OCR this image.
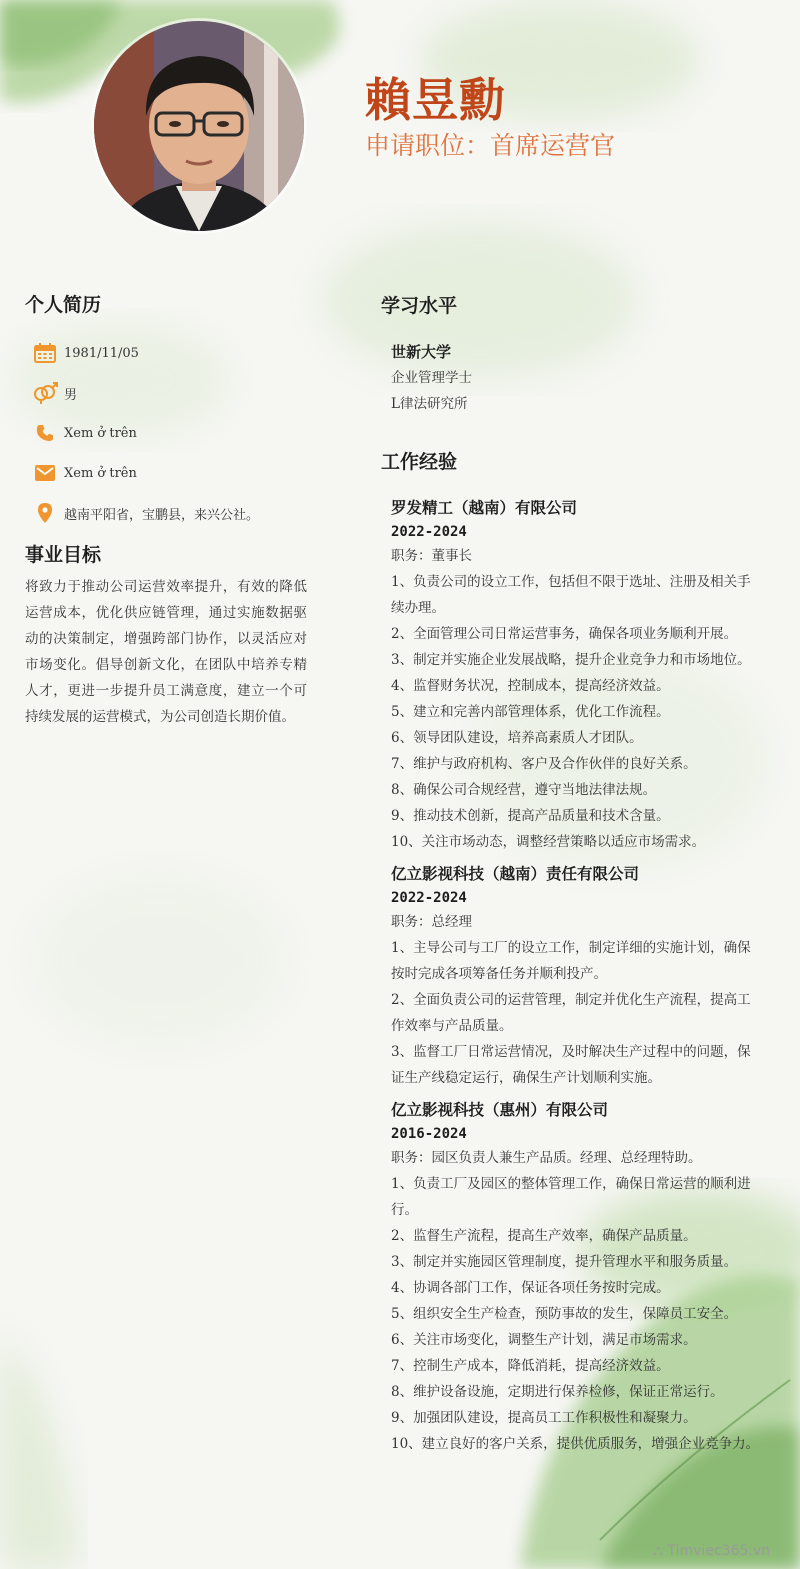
賴昱勳
申请职位：首席运营官
个人简历
1981/11/05
男
Xem ở trên
Xem ở trên
越南平阳省，宝鹏县，来兴公社。
事业目标

将致力于推动公司运营效率提升，有效的降低运营成本，优化供应链管理，通过实施数据驱动的决策制定，增强跨部门协作，以灵活应对市场变化。倡导创新文化，在团队中培养专精人才，更进一步提升员工满意度，建立一个可持续发展的运营模式，为公司创造长期价值。

学习水平
世新大学
企业管理学士
L律法研究所
工作经验
罗发精工（越南）有限公司
2022-2024
职务：董事长
1、负责公司的设立工作，包括但不限于选址、注册及相关手续办理。
2、全面管理公司日常运营事务，确保各项业务顺利开展。
3、制定并实施企业发展战略，提升企业竞争力和市场地位。
4、监督财务状况，控制成本，提高经济效益。
5、建立和完善内部管理体系，优化工作流程。
6、领导团队建设，培养高素质人才团队。
7、维护与政府机构、客户及合作伙伴的良好关系。
8、确保公司合规经营，遵守当地法律法规。
9、推动技术创新，提高产品质量和技术含量。
10、关注市场动态，调整经营策略以适应市场需求。
亿立影视科技（越南）责任有限公司
2022-2024
职务：总经理
1、主导公司与工厂的设立工作，制定详细的实施计划，确保按时完成各项筹备任务并顺利投产。
2、全面负责公司的运营管理，制定并优化生产流程，提高工作效率与产品质量。
3、监督工厂日常运营情况，及时解决生产过程中的问题，保证生产线稳定运行，确保生产计划顺利实施。
亿立影视科技（惠州）有限公司
2016-2024
职务：园区负责人兼生产品质。经理、总经理特助。
1、负责工厂及园区的整体管理工作，确保日常运营的顺利进行。
2、监督生产流程，提高生产效率，确保产品质量。
3、制定并实施园区管理制度，提升管理水平和服务质量。
4、协调各部门工作，保证各项任务按时完成。
5、组织安全生产检查，预防事故的发生，保障员工安全。
6、关注市场变化，调整生产计划，满足市场需求。
7、控制生产成本，降低消耗，提高经济效益。
8、维护设备设施，定期进行保养检修，保证正常运行。
9、加强团队建设，提高员工工作积极性和凝聚力。
10、建立良好的客户关系，提供优质服务，增强企业竞争力。
⛬ Timviec365.vn
